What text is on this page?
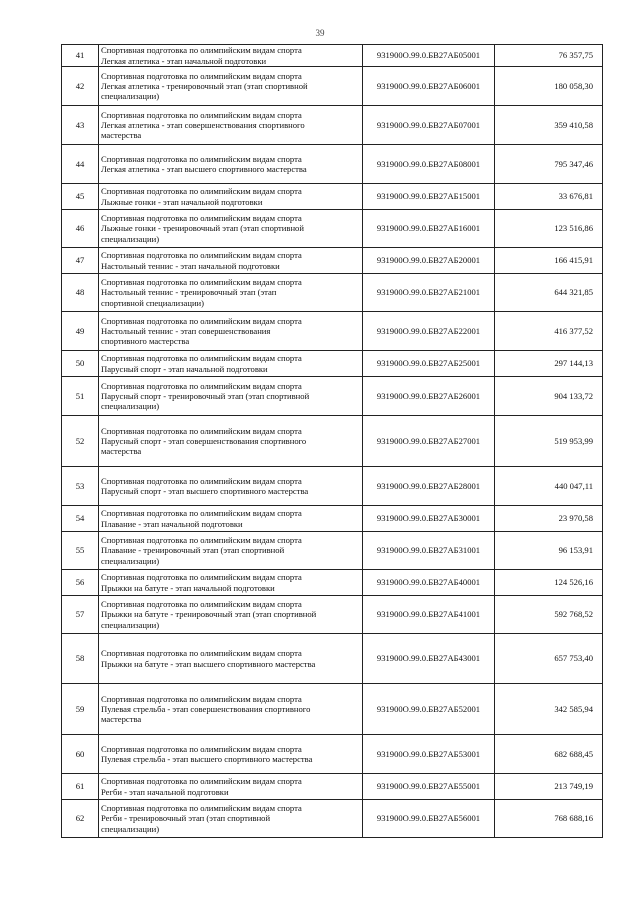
39
41	Спортивная подготовка по олимпийским видам спорта
Легкая атлетика - этап начальной подготовки	931900О.99.0.БВ27АБ05001	76 357,75
42	Спортивная подготовка по олимпийским видам спорта
Легкая атлетика - тренировочный этап (этап спортивной
специализации)	931900О.99.0.БВ27АБ06001	180 058,30
43	Спортивная подготовка по олимпийским видам спорта
Легкая атлетика - этап совершенствования спортивного
мастерства	931900О.99.0.БВ27АБ07001	359 410,58
44	Спортивная подготовка по олимпийским видам спорта
Легкая атлетика - этап высшего спортивного мастерства	931900О.99.0.БВ27АБ08001	795 347,46
45	Спортивная подготовка по олимпийским видам спорта
Лыжные гонки - этап начальной подготовки	931900О.99.0.БВ27АБ15001	33 676,81
46	Спортивная подготовка по олимпийским видам спорта
Лыжные гонки - тренировочный этап (этап спортивной
специализации)	931900О.99.0.БВ27АБ16001	123 516,86
47	Спортивная подготовка по олимпийским видам спорта
Настольный теннис - этап начальной подготовки	931900О.99.0.БВ27АБ20001	166 415,91
48	Спортивная подготовка по олимпийским видам спорта
Настольный теннис - тренировочный этап (этап
спортивной специализации)	931900О.99.0.БВ27АБ21001	644 321,85
49	Спортивная подготовка по олимпийским видам спорта
Настольный теннис - этап совершенствования
спортивного мастерства	931900О.99.0.БВ27АБ22001	416 377,52
50	Спортивная подготовка по олимпийским видам спорта
Парусный спорт - этап начальной подготовки	931900О.99.0.БВ27АБ25001	297 144,13
51	Спортивная подготовка по олимпийским видам спорта
Парусный спорт - тренировочный этап (этап спортивной
специализации)	931900О.99.0.БВ27АБ26001	904 133,72
52	Спортивная подготовка по олимпийским видам спорта
Парусный спорт - этап совершенствования спортивного
мастерства	931900О.99.0.БВ27АБ27001	519 953,99
53	Спортивная подготовка по олимпийским видам спорта
Парусный спорт - этап высшего спортивного мастерства	931900О.99.0.БВ27АБ28001	440 047,11
54	Спортивная подготовка по олимпийским видам спорта
Плавание - этап начальной подготовки	931900О.99.0.БВ27АБ30001	23 970,58
55	Спортивная подготовка по олимпийским видам спорта
Плавание - тренировочный этап (этап спортивной
специализации)	931900О.99.0.БВ27АБ31001	96 153,91
56	Спортивная подготовка по олимпийским видам спорта
Прыжки на батуте - этап начальной подготовки	931900О.99.0.БВ27АБ40001	124 526,16
57	Спортивная подготовка по олимпийским видам спорта
Прыжки на батуте - тренировочный этап (этап спортивной
специализации)	931900О.99.0.БВ27АБ41001	592 768,52
58	Спортивная подготовка по олимпийским видам спорта
Прыжки на батуте - этап высшего спортивного мастерства	931900О.99.0.БВ27АБ43001	657 753,40
59	Спортивная подготовка по олимпийским видам спорта
Пулевая стрельба - этап совершенствования спортивного
мастерства	931900О.99.0.БВ27АБ52001	342 585,94
60	Спортивная подготовка по олимпийским видам спорта
Пулевая стрельба - этап высшего спортивного мастерства	931900О.99.0.БВ27АБ53001	682 688,45
61	Спортивная подготовка по олимпийским видам спорта
Регби - этап начальной подготовки	931900О.99.0.БВ27АБ55001	213 749,19
62	Спортивная подготовка по олимпийским видам спорта
Регби - тренировочный этап (этап спортивной
специализации)	931900О.99.0.БВ27АБ56001	768 688,16
